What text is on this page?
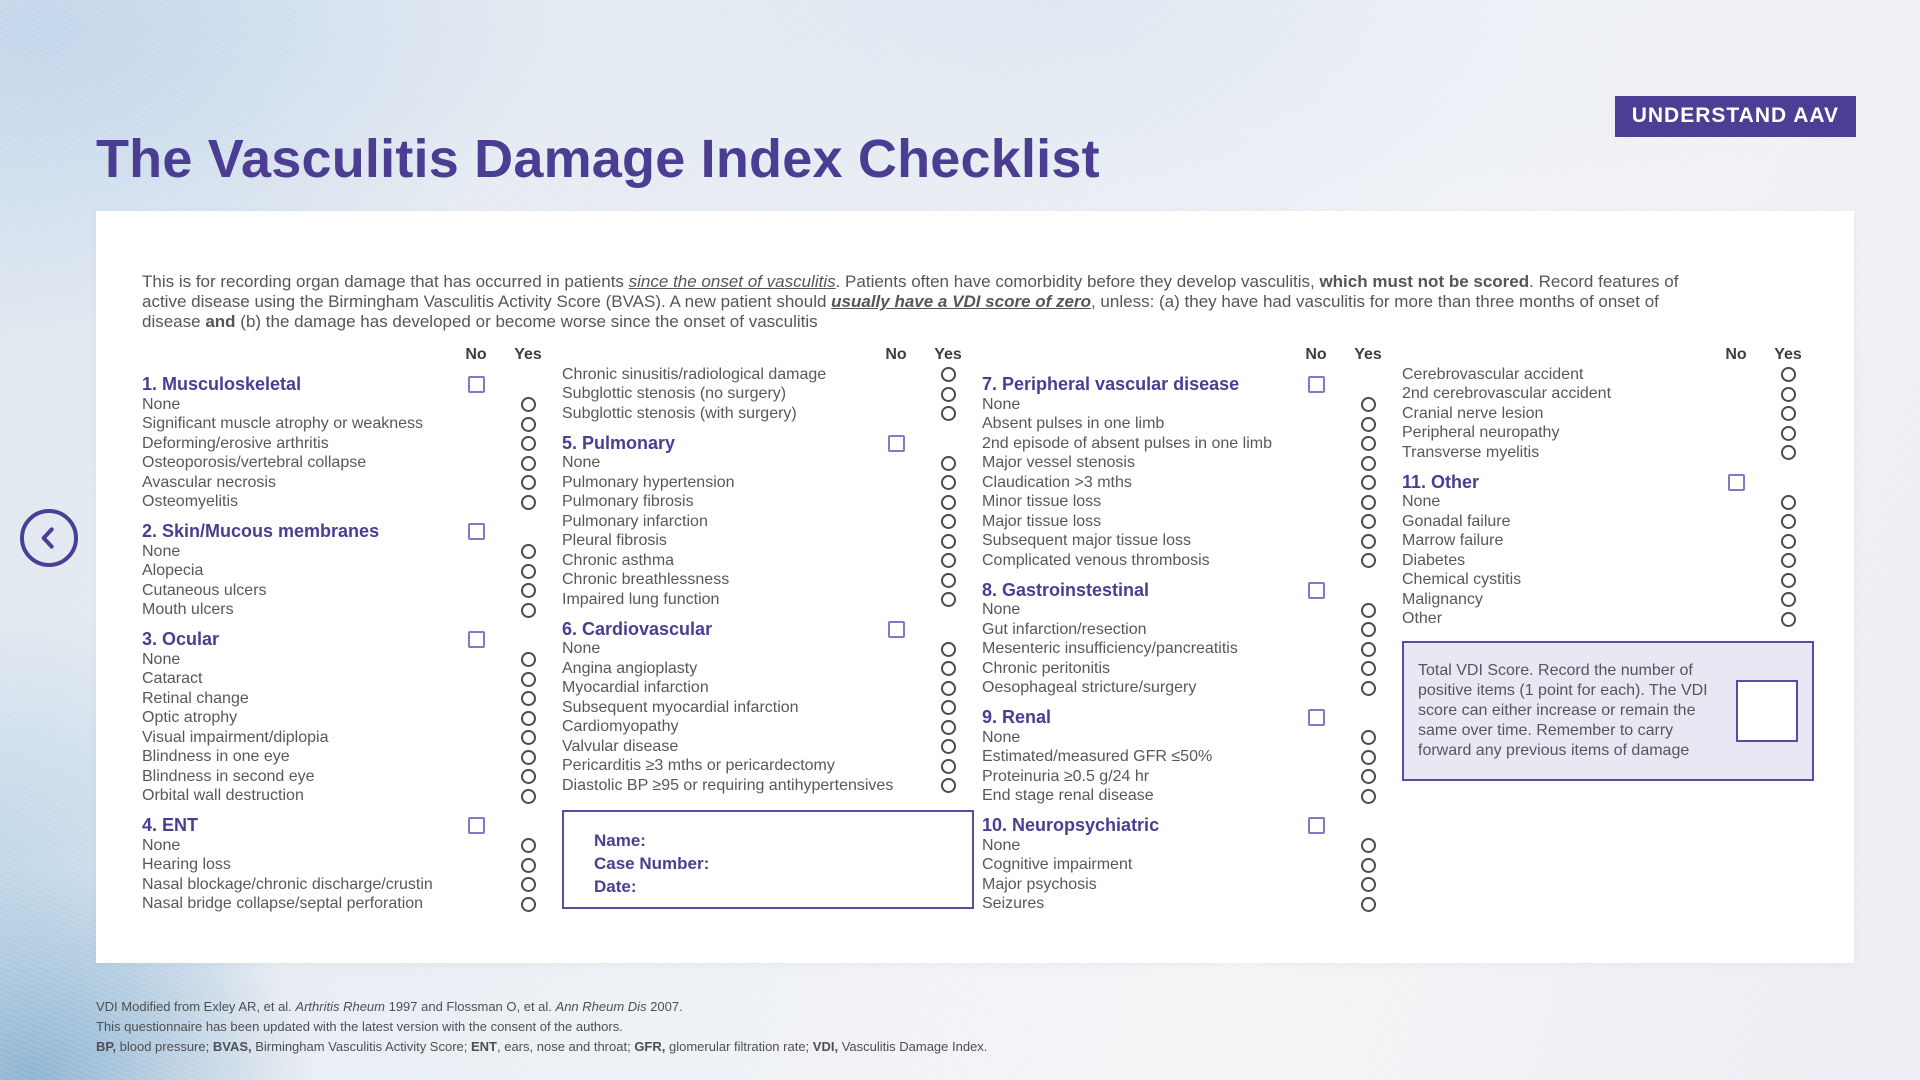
The Vasculitis Damage Index Checklist
UNDERSTAND AAV

This is for recording organ damage that has occurred in patients since the onset of vasculitis. Patients often have comorbidity before they develop vasculitis, which must not be scored. Record features of active disease using the Birmingham Vasculitis Activity Score (BVAS). A new patient should usually have a VDI score of zero, unless: (a) they have had vasculitis for more than three months of onset of disease and (b) the damage has developed or become worse since the onset of vasculitis

No	Yes
1. Musculoskeletal
None
Significant muscle atrophy or weakness
Deforming/erosive arthritis
Osteoporosis/vertebral collapse
Avascular necrosis
Osteomyelitis
2. Skin/Mucous membranes
None
Alopecia
Cutaneous ulcers
Mouth ulcers
3. Ocular
None
Cataract
Retinal change
Optic atrophy
Visual impairment/diplopia
Blindness in one eye
Blindness in second eye
Orbital wall destruction
4. ENT
None
Hearing loss
Nasal blockage/chronic discharge/crustin
Nasal bridge collapse/septal perforation
No	Yes
Chronic sinusitis/radiological damage
Subglottic stenosis (no surgery)
Subglottic stenosis (with surgery)
5. Pulmonary
None
Pulmonary hypertension
Pulmonary fibrosis
Pulmonary infarction
Pleural fibrosis
Chronic asthma
Chronic breathlessness
Impaired lung function
6. Cardiovascular
None
Angina angioplasty
Myocardial infarction
Subsequent myocardial infarction
Cardiomyopathy
Valvular disease
Pericarditis ≥3 mths or pericardectomy
Diastolic BP ≥95 or requiring antihypertensives
Name:
Case Number:
Date:
No	Yes
7. Peripheral vascular disease
None
Absent pulses in one limb
2nd episode of absent pulses in one limb
Major vessel stenosis
Claudication >3 mths
Minor tissue loss
Major tissue loss
Subsequent major tissue loss
Complicated venous thrombosis
8. Gastroinstestinal
None
Gut infarction/resection
Mesenteric insufficiency/pancreatitis
Chronic peritonitis
Oesophageal stricture/surgery
9. Renal
None
Estimated/measured GFR ≤50%
Proteinuria ≥0.5 g/24 hr
End stage renal disease
10. Neuropsychiatric
None
Cognitive impairment
Major psychosis
Seizures
No	Yes
Cerebrovascular accident
2nd cerebrovascular accident
Cranial nerve lesion
Peripheral neuropathy
Transverse myelitis
11. Other
None
Gonadal failure
Marrow failure
Diabetes
Chemical cystitis
Malignancy
Other
Total VDI Score. Record the number of positive items (1 point for each). The VDI score can either increase or remain the same over time. Remember to carry forward any previous items of damage
VDI Modified from Exley AR, et al. Arthritis Rheum 1997 and Flossman O, et al. Ann Rheum Dis 2007.
This questionnaire has been updated with the latest version with the consent of the authors.
BP, blood pressure; BVAS, Birmingham Vasculitis Activity Score; ENT, ears, nose and throat; GFR, glomerular filtration rate; VDI, Vasculitis Damage Index.
